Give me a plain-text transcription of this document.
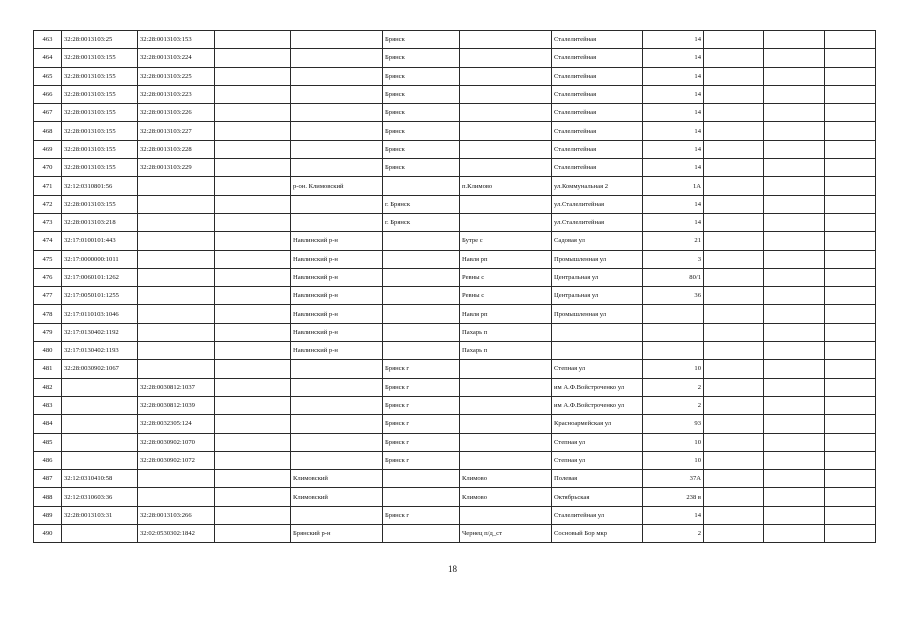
463	32:28:0013103:25	32:28:0013103:153			Брянск		Сталелитейная	14			
464	32:28:0013103:155	32:28:0013103:224			Брянск		Сталелитейная	14			
465	32:28:0013103:155	32:28:0013103:225			Брянск		Сталелитейная	14			
466	32:28:0013103:155	32:28:0013103:223			Брянск		Сталелитейная	14			
467	32:28:0013103:155	32:28:0013103:226			Брянск		Сталелитейная	14			
468	32:28:0013103:155	32:28:0013103:227			Брянск		Сталелитейная	14			
469	32:28:0013103:155	32:28:0013103:228			Брянск		Сталелитейная	14			
470	32:28:0013103:155	32:28:0013103:229			Брянск		Сталелитейная	14			
471	32:12:0310801:56			р-он. Климовский		п.Климово	ул.Коммунальная 2	1А			
472	32:28:0013103:155				г. Брянск		ул.Сталелитейная	14			
473	32:28:0013103:218				г. Брянск		ул.Сталелитейная	14			
474	32:17:0100101:443			Навлинский р-н		Бутре с	Садовая ул	21			
475	32:17:0000000:1011			Навлинский р-н		Навля рп	Промышленная ул	3			
476	32:17:0060101:1262			Навлинский р-н		Ревны с	Центральная ул	80/1			
477	32:17:0050101:1255			Навлинский р-н		Ревны с	Центральная ул	36			
478	32:17:0110103:1046			Навлинский р-н		Навля рп	Промышленная ул				
479	32:17:0130402:1192			Навлинский р-н		Пахарь п					
480	32:17:0130402:1193			Навлинский р-н		Пахарь п					
481	32:28:0030902:1067				Брянск г		Степная ул	10			
482		32:28:0030812:1037			Брянск г		им А.Ф.Войстроченко ул	2			
483		32:28:0030812:1039			Брянск г		им А.Ф.Войстроченко ул	2			
484		32:28:0032305:124			Брянск г		Красноармейская ул	93			
485		32:28:0030902:1070			Брянск г		Степная ул	10			
486		32:28:0030902:1072			Брянск г		Степная ул	10			
487	32:12:0310410:58			Климовский		Климово	Полевая	37А			
488	32:12:0310603:36			Климовский		Климово	Октябрьская	238 в			
489	32:28:0013103:31	32:28:0013103:266			Брянск г		Сталелитейная ул	14			
490		32:02:0530302:1842		Брянский р-н		Чернец п/д_ст	Сосновый Бор мкр	2			
18
